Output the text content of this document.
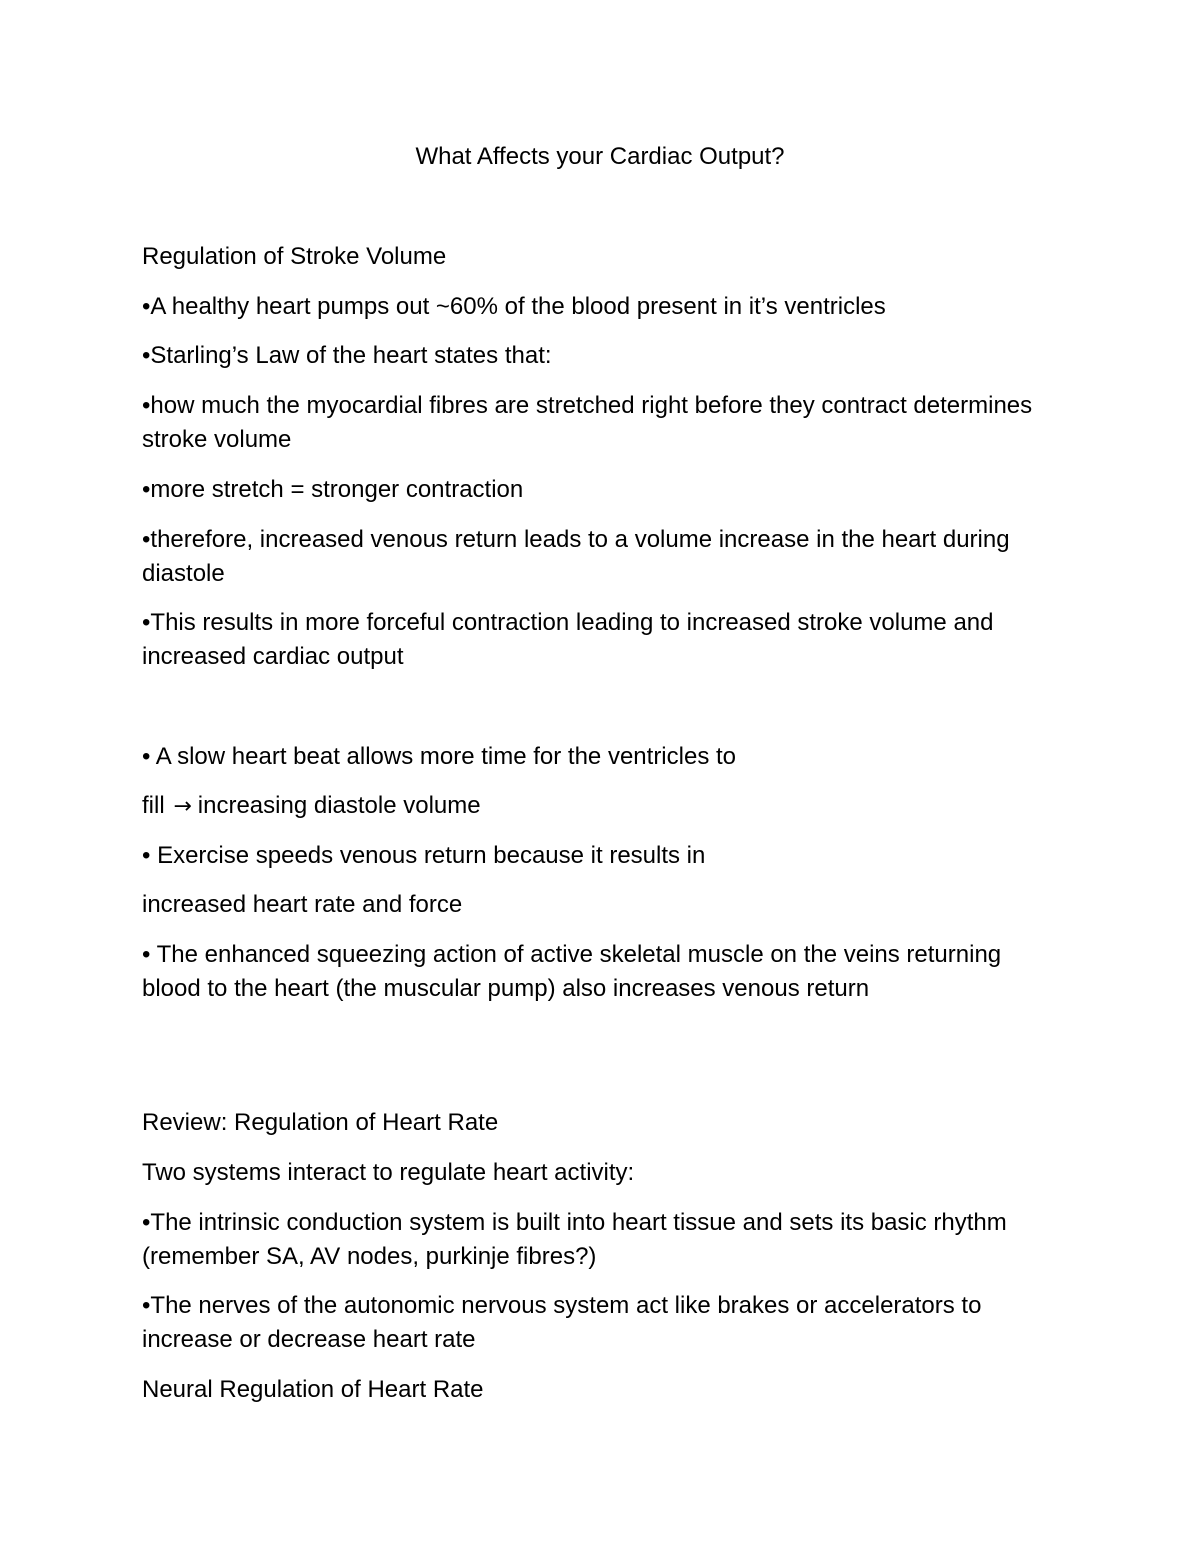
What Affects your Cardiac Output?

Regulation of Stroke Volume

•A healthy heart pumps out ~60% of the blood present in it’s ventricles

•Starling’s Law of the heart states that:

•how much the myocardial fibres are stretched right before they contract determines stroke volume

•more stretch = stronger contraction

•therefore, increased venous return leads to a volume increase in the heart during diastole

•This results in more forceful contraction leading to increased stroke volume and increased cardiac output

• A slow heart beat allows more time for the ventricles to

fill → increasing diastole volume

• Exercise speeds venous return because it results in

increased heart rate and force

• The enhanced squeezing action of active skeletal muscle on the veins returning blood to the heart (the muscular pump) also increases venous return

Review: Regulation of Heart Rate

Two systems interact to regulate heart activity:

•The intrinsic conduction system is built into heart tissue and sets its basic rhythm (remember SA, AV nodes, purkinje fibres?)

•The nerves of the autonomic nervous system act like brakes or accelerators to increase or decrease heart rate

Neural Regulation of Heart Rate
